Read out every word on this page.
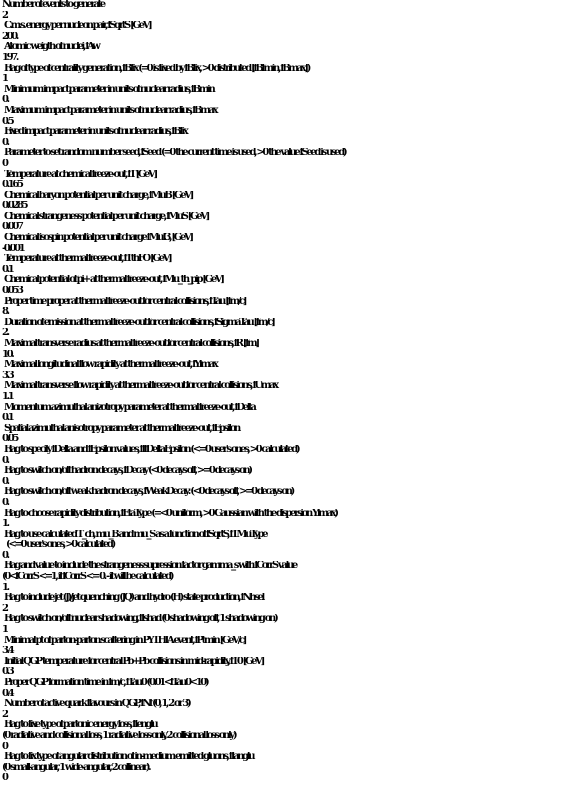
Number of events to generate
2
C.m.s. energy per nucleon pair, fSqrtS [GeV]
200.
Atomic weigth of nuclei, fAw
197.
Flag of type of centrality generation, fBfix (=0 is fixed by fBfix, >0 distributed [fBfmin, fBmax])
1
Minimum impact parameter in units of nuclear radius, fBmin
0.
Maximum impact parameter in units of nuclear radius, fBmax
0.5
Fixed impact parameter in units of nuclear radius, fBfix
0.
Parameter to set random number seed, fSeed (=0 the current time is used, >0 the value fSeed is used)
0
Temperature at chemical freeze-out, fT [GeV]
0.165
Chemical baryon potential per unit charge, fMuB [GeV]
0.0285
Chemical strangeness potential per unit charge, fMuS [GeV]
0.007
Chemical isospin potential per unit charge fMuI3, [GeV]
-0.001
Temperature at thermal freeze-out, fTthFO [GeV]
0.1
Chemical potential of pi+ at thermal freeze-out, fMu_th_pip [GeV]
0.053
Proper time proper at thermal freeze-out for central collisions, fTau [fm/c]
8.
Duration of emission at thermal freeze-out for central collisions, fSigmaTau [fm/c]
2.
Maximal transverse radius at thermal freeze-out for central collisions, fR [fm]
10.
Maximal longitudinal flow rapidity at thermal freeze-out, fYlmax
3.3
Maximal transverse flow rapidity at thermal freeze-out for central collisions, fUmax
1.1
Momentum azimuthal anizotropy parameter at thermal freeze-out, fDelta
0.1
Spatial azimuthal anisotropy parameter at thermal freeze-out, fEpsilon
0.05
Flag to specify fDelta and fEpsilon values, fIfDeltaEpsilon (<=0 user's ones, >0 calculated)
0.
Flag to switch on/off hadron decays, fDecay (<0 decays off, >=0 decays on)
0.
Flag to switch on/off weak hadron decays, fWeakDecay: (<0 decays off, >=0 decays on)
0.
Flag to choose rapidity distribution, fEtaType (=<0 uniform, >0 Gaussian with the dispersion Ylmax)
1.
Flag to use calculated T_ch, mu_B and mu_S as a function of fSqrtS, fTMuType
(<=0 user's ones, >0 calculated)
0.
Flag and value to include the strangeness supression factor gamma_s with fCorrS value
(0<fCorrS <=1, if fCorrS <= 0. - it will be calculated)
1.
Flag to include jet (J)/jet quenching (JQ) and hydro (H) state production, fNhsel
2
Flag to switch on/off nuclear shadowing, fIshad (0 shadowing off, 1 shadowing on)
1
Minimal pt of parton-parton scattering in PYTHIA event, fPtmin [GeV/c]
3.4
Initial QGP temperature for central Pb+Pb collisions in mid-rapidity, fT0 [GeV]
0.3
Proper QGP formation time in fm/c, fTau0 (0.01<fTau0<10)
0.4
Number of active quark flavours in QGP, fNf (0, 1, 2 or 3)
2
Flag to fixe type of partonic energy loss, fIenglu
(0 radiative and collisional loss, 1 radiative loss only, 2 collisional loss only)
0
Flag to fix type of angular distribution of in-medium emitted gluons, fIanglu
(0 small-angular, 1 wide-angular, 2 collinear).
0
